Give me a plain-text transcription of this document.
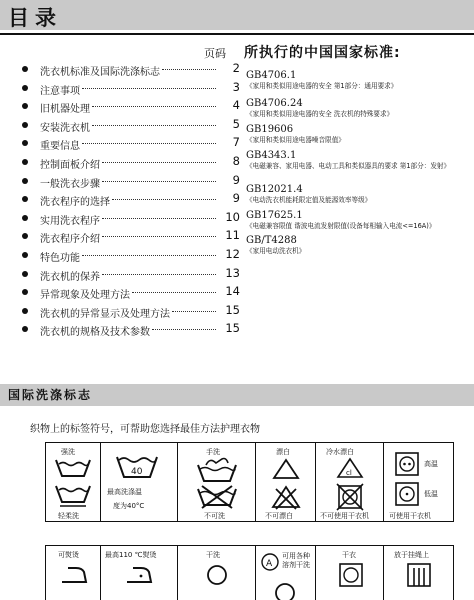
目录
页码 所执行的中国国家标准:
洗衣机标准及国际洗涤标志	2
注意事项	3
旧机器处理	4
安装洗衣机	5
重要信息	7
控制面板介绍	8
一般洗衣步骤	9
洗衣程序的选择	9
实用洗衣程序	10
洗衣程序介绍	11
特色功能	12
洗衣机的保养	13
异常现象及处理方法	14
洗衣机的异常显示及处理方法	15
洗衣机的规格及技术参数	15
GB4706.1
《家用和类似用途电器的安全 第1部分：通用要求》
GB4706.24
《家用和类似用途电器的安全 洗衣机的特殊要求》
GB19606
《家用和类似用途电器噪音限值》
GB4343.1
《电磁兼容、家用电器、电动工具和类似器具的要求 第1部分：发射》
GB12021.4
《电动洗衣机能耗限定值及能源效率等级》
GB17625.1
《电磁兼容限值 谐波电流发射限值(设备每相输入电流<=16A)》
GB/T4288
《家用电动洗衣机》
国际洗涤标志
织物上的标签符号，可帮助您选择最佳方法护理衣物
强洗
轻柔洗
40
最高洗涤温
度为40°C
手洗
不可洗
漂白
不可漂白
冷水漂白
cl
不可使用干衣机
高温
低温
可使用干衣机
可熨烫	最高110 ℃熨烫	干洗
A
可用各种溶剂干洗
干衣	放于挂绳上
